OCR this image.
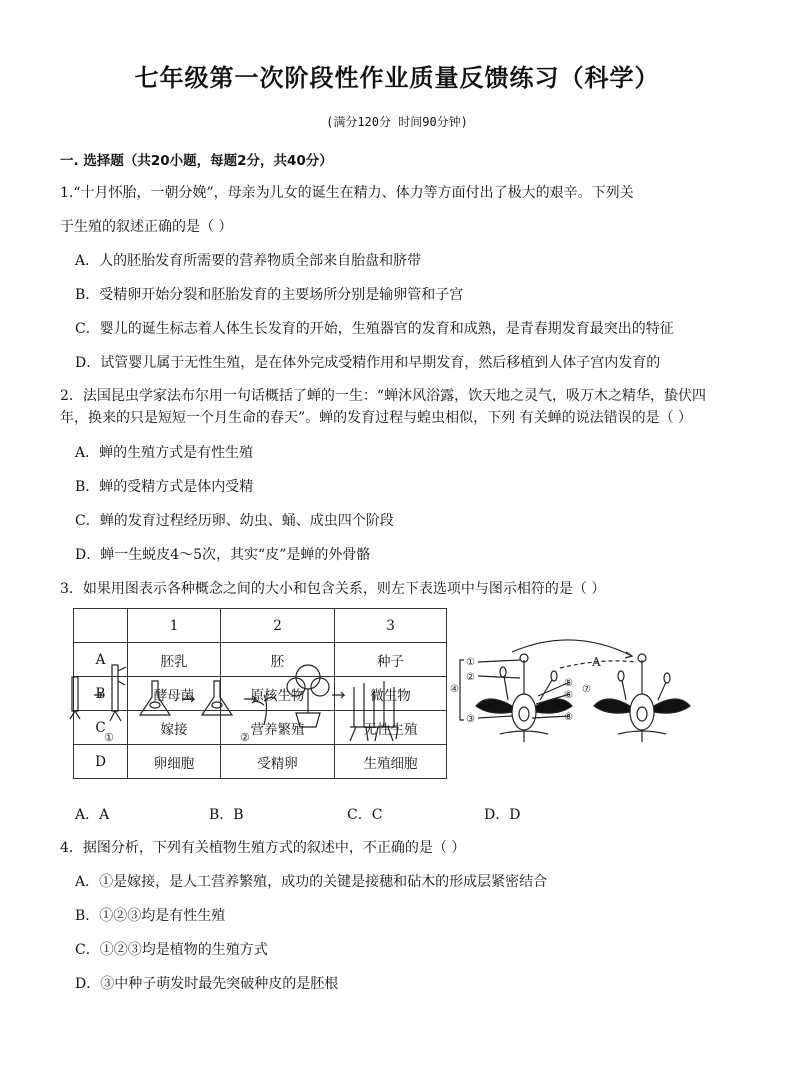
七年级第一次阶段性作业质量反馈练习（科学）
(满分120分 时间90分钟)
一. 选择题（共20小题，每题2分，共40分）
1.“十月怀胎，一朝分娩”，母亲为儿女的诞生在精力、体力等方面付出了极大的艰辛。下列关
于生殖的叙述正确的是（ ）
A．人的胚胎发育所需要的营养物质全部来自胎盘和脐带
B．受精卵开始分裂和胚胎发育的主要场所分别是输卵管和子宫
C．婴儿的诞生标志着人体生长发育的开始，生殖器官的发育和成熟，是青春期发育最突出的特征
D．试管婴儿属于无性生殖，是在体外完成受精作用和早期发育，然后移植到人体子宫内发育的
2．法国昆虫学家法布尔用一句话概括了蝉的一生：“蝉沐风浴露，饮天地之灵气，吸万木之精华，蛰伏四
年，换来的只是短短一个月生命的春天”。蝉的发育过程与蝗虫相似，下列 有关蝉的说法错误的是（ ）
A．蝉的生殖方式是有性生殖
B．蝉的受精方式是体内受精
C．蝉的发育过程经历卵、幼虫、蛹、成虫四个阶段
D．蝉一生蜕皮4～5次，其实“皮”是蝉的外骨骼
3．如果用图表示各种概念之间的大小和包含关系，则左下表选项中与图示相符的是（ ）
	1	2	3
A	胚乳	胚	种子
B	酵母菌	原核生物	微生物
C	嫁接	营养繁殖	无性生殖
D	卵细胞	受精卵	生殖细胞
①	②
①
②
③
④
⑤
⑥
⑦
⑧
A
A．A	B．B	C．C	D．D
4．据图分析，下列有关植物生殖方式的叙述中，不正确的是（ ）
A．①是嫁接，是人工营养繁殖，成功的关键是接穗和砧木的形成层紧密结合
B．①②③均是有性生殖
C．①②③均是植物的生殖方式
D．③中种子萌发时最先突破种皮的是胚根
